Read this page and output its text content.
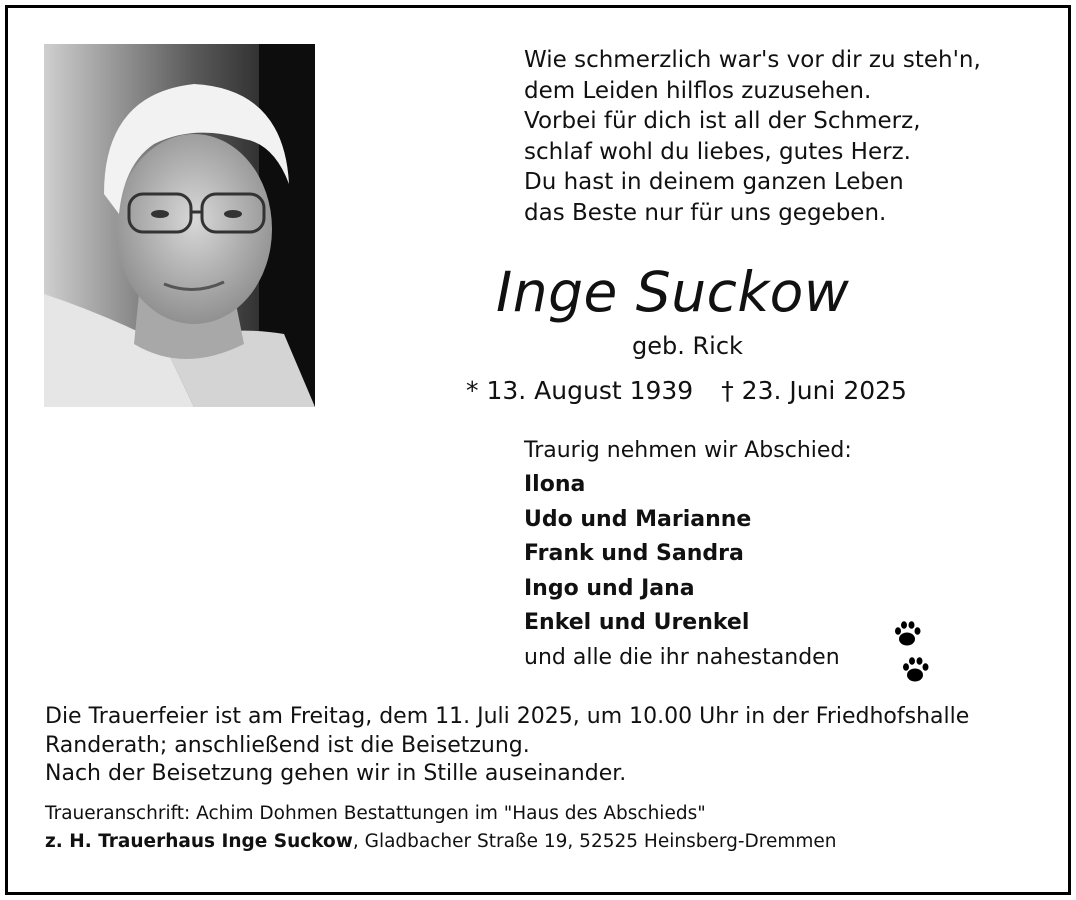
Wie schmerzlich war's vor dir zu steh'n,
dem Leiden hilflos zuzusehen.
Vorbei für dich ist all der Schmerz,
schlaf wohl du liebes, gutes Herz.
Du hast in deinem ganzen Leben
das Beste nur für uns gegeben.
Inge Suckow
geb. Rick
* 13. August 1939 † 23. Juni 2025
Traurig nehmen wir Abschied:
Ilona
Udo und Marianne
Frank und Sandra
Ingo und Jana
Enkel und Urenkel
und alle die ihr nahestanden
Die Trauerfeier ist am Freitag, dem 11. Juli 2025, um 10.00 Uhr in der Friedhofshalle
Randerath; anschließend ist die Beisetzung.
Nach der Beisetzung gehen wir in Stille auseinander.
Traueranschrift: Achim Dohmen Bestattungen im "Haus des Abschieds"
z. H. Trauerhaus Inge Suckow, Gladbacher Straße 19, 52525 Heinsberg-Dremmen
